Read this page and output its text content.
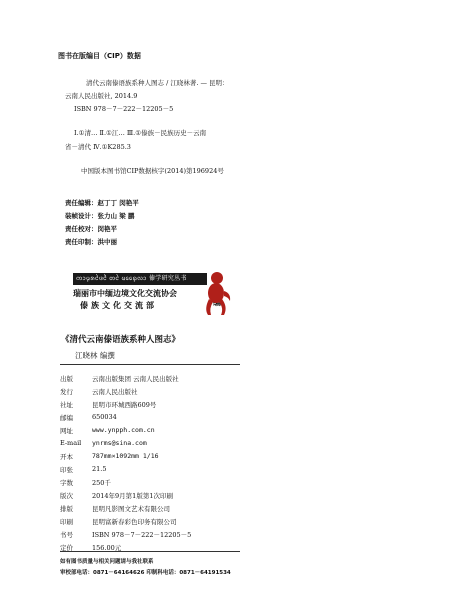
图书在版编目（CIP）数据
清代云南傣语族系种人图志 / 江晓林著. — 昆明：
云南人民出版社, 2014.9
ISBN 978－7－222－12205－5
Ⅰ.①清… Ⅱ.①江… Ⅲ.①傣族－民族历史－云南
省－清代 Ⅳ.①K285.3
中国版本图书馆CIP数据核字(2014)第196924号
责任编辑：赵丁丁 闵艳平
装帧设计：张力山 梁 鹏
责任校对：闵艳平
责任印制：洪中丽
ᨠᩣ᩠ᨾᩁᩱᨴᩱᩢ ᨲᩱ ᨾᩯ᩠ᨦᩃᩣ 傣学研究丛书
瑞丽市中缅边境文化交流协会
傣族文化交流部
《清代云南傣语族系种人图志》
江晓林 编撰
出版	云南出版集团 云南人民出版社
发行	云南人民出版社
社址	昆明市环城西路609号
邮编	650034
网址	www.ynpph.com.cn
E-mail ynrms@sina.com
开本	787mm×1092mm 1/16
印张	21.5
字数	250千
版次	2014年9月第1版第1次印刷
排版	昆明凡影图文艺术有限公司
印刷	昆明富新春彩色印务有限公司
书号	ISBN 978－7－222－12205－5
定价	156.00元
如有图书质量与相关问题请与我社联系
审校部电话：0871－64164626 印制科电话：0871－64191534
